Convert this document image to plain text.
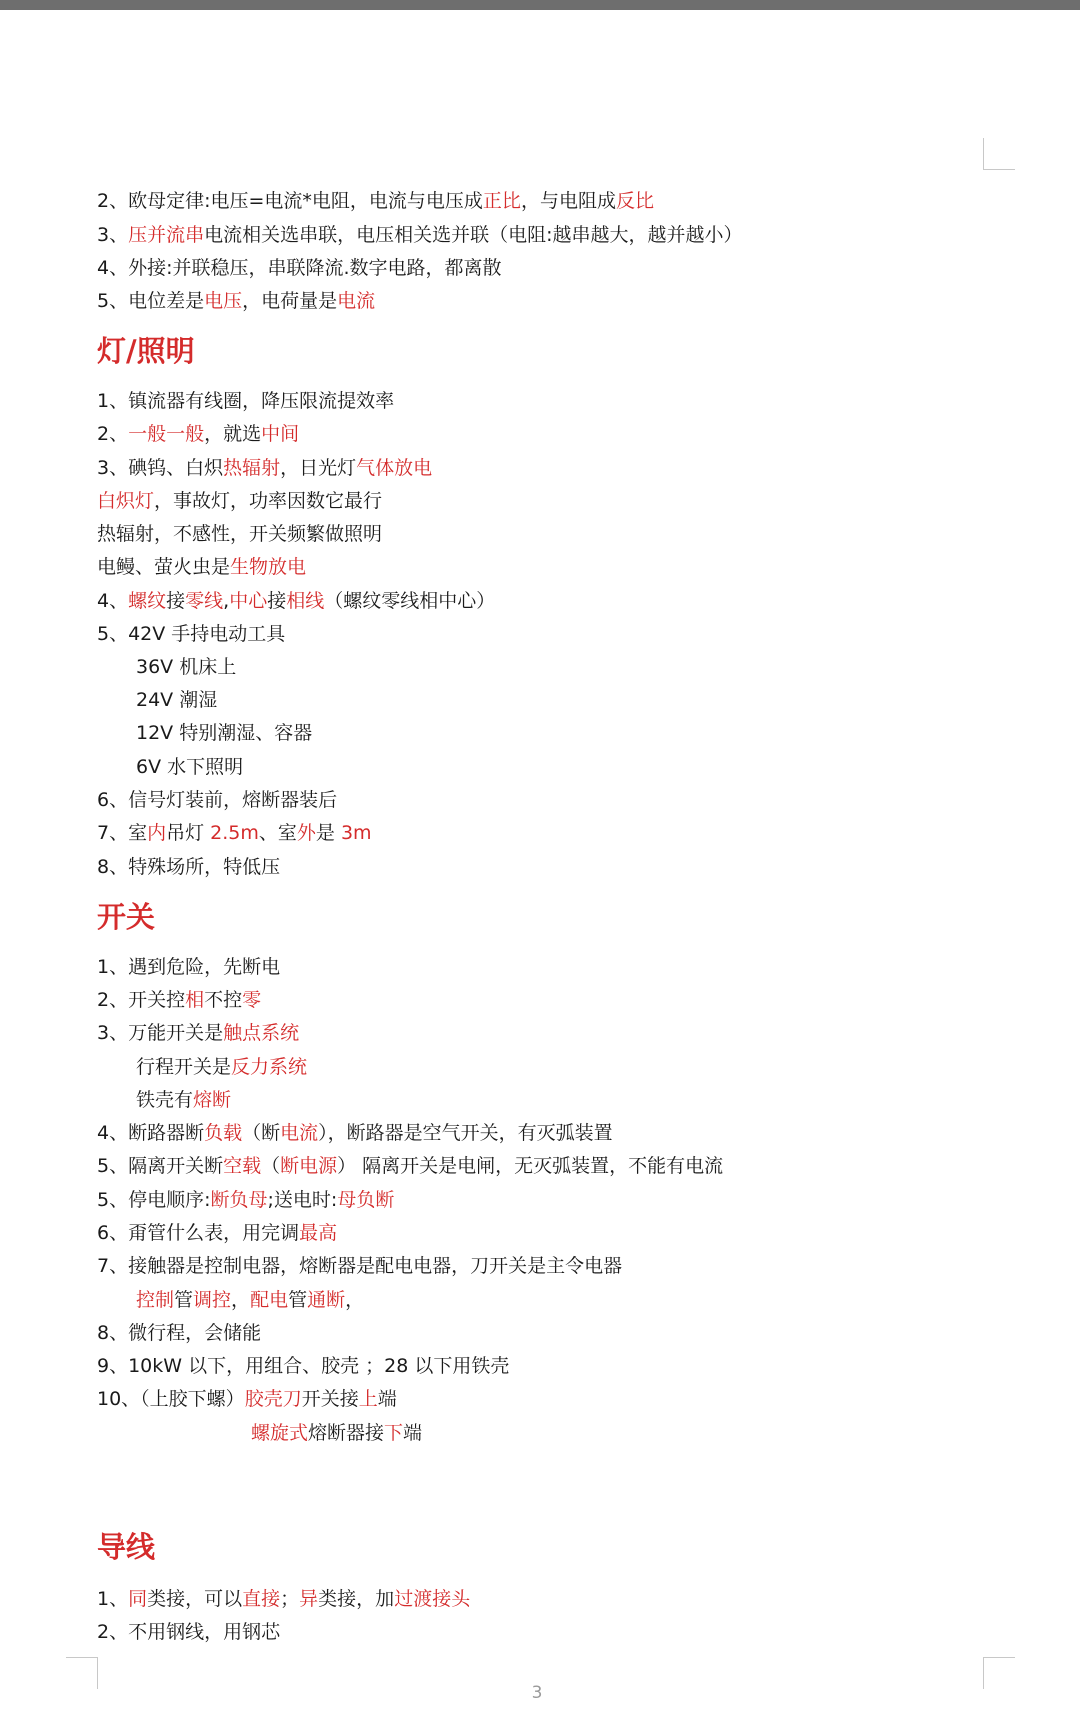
2、欧母定律:电压=电流*电阻，电流与电压成正比，与电阻成反比
3、压并流串电流相关选串联，电压相关选并联（电阻:越串越大，越并越小）
4、外接:并联稳压，串联降流.数字电路，都离散
5、电位差是电压，电荷量是电流
灯/照明
1、镇流器有线圈，降压限流提效率
2、一般一般，就选中间
3、碘钨、白炽热辐射，日光灯气体放电
白炽灯，事故灯，功率因数它最行
热辐射，不感性，开关频繁做照明
电鳗、萤火虫是生物放电
4、螺纹接零线,中心接相线（螺纹零线相中心）
5、42V 手持电动工具
36V 机床上
24V 潮湿
12V 特别潮湿、容器
6V 水下照明
6、信号灯装前，熔断器装后
7、室内吊灯 2.5m、室外是 3m
8、特殊场所，特低压
开关
1、遇到危险，先断电
2、开关控相不控零
3、万能开关是触点系统
行程开关是反力系统
铁壳有熔断
4、断路器断负载（断电流），断路器是空气开关，有灭弧装置
5、隔离开关断空载（断电源） 隔离开关是电闸，无灭弧装置，不能有电流
5、停电顺序:断负母;送电时:母负断
6、甭管什么表，用完调最高
7、接触器是控制电器，熔断器是配电电器，刀开关是主令电器
控制管调控，配电管通断，
8、微行程，会储能
9、10kW 以下，用组合、胶壳 ；28 以下用铁壳
10、（上胶下螺）胶壳刀开关接上端
螺旋式熔断器接下端
导线
1、同类接，可以直接；异类接，加过渡接头
2、不用钢线，用钢芯
3
